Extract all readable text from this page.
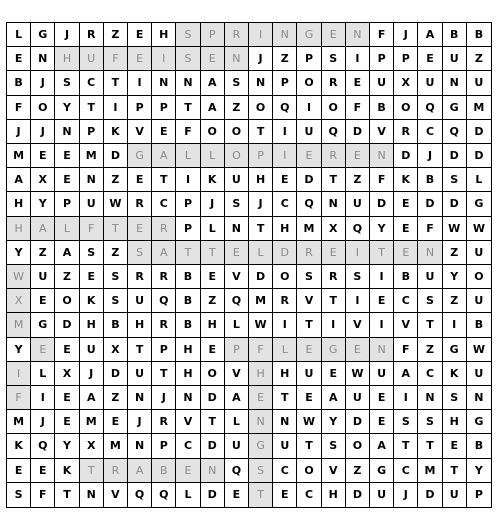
L	G	J	R	Z	E	H	S	P	R	I	N	G	E	N	F	J	A	B	B
E	N	H	U	F	E	I	S	E	N	J	Z	P	S	I	P	P	E	U	Z
B	J	S	C	T	I	N	N	A	S	N	P	O	R	E	U	X	U	N	U
F	O	Y	T	I	P	P	T	A	Z	O	Q	I	O	F	B	O	Q	G	M
J	J	N	P	K	V	E	F	O	O	T	I	U	Q	D	V	R	C	Q	D
M	E	E	M	D	G	A	L	L	O	P	I	E	R	E	N	D	J	D	D
A	X	E	N	Z	E	T	I	K	U	H	E	D	T	Z	F	K	B	S	L
H	Y	P	U	W	R	C	P	J	S	J	C	Q	N	U	D	E	D	D	G
H	A	L	F	T	E	R	P	L	N	T	H	M	X	Q	Y	E	F	W	W
Y	Z	A	S	Z	S	A	T	T	E	L	D	R	E	I	T	E	N	Z	U
W	U	Z	E	S	R	R	B	E	V	D	O	S	R	S	I	B	U	Y	O
X	E	O	K	S	U	Q	B	Z	Q	M	R	V	T	I	E	C	S	Z	U
M	G	D	H	B	H	R	B	H	L	W	I	T	I	V	I	V	T	I	B
Y	E	E	U	X	T	P	H	E	P	F	L	E	G	E	N	F	Z	G	W
I	L	X	J	D	U	T	H	O	V	H	H	U	E	W	U	A	C	K	U
F	I	E	A	Z	N	J	N	D	A	E	T	E	A	U	E	I	N	S	N
M	J	E	M	E	J	R	V	T	L	N	N	W	Y	D	E	S	S	H	G
K	Q	Y	X	M	N	P	C	D	U	G	U	T	S	O	A	T	T	E	B
E	E	K	T	R	A	B	E	N	Q	S	C	O	V	Z	G	C	M	T	Y
S	F	T	N	V	Q	Q	L	D	E	T	E	C	H	D	U	J	D	U	P
